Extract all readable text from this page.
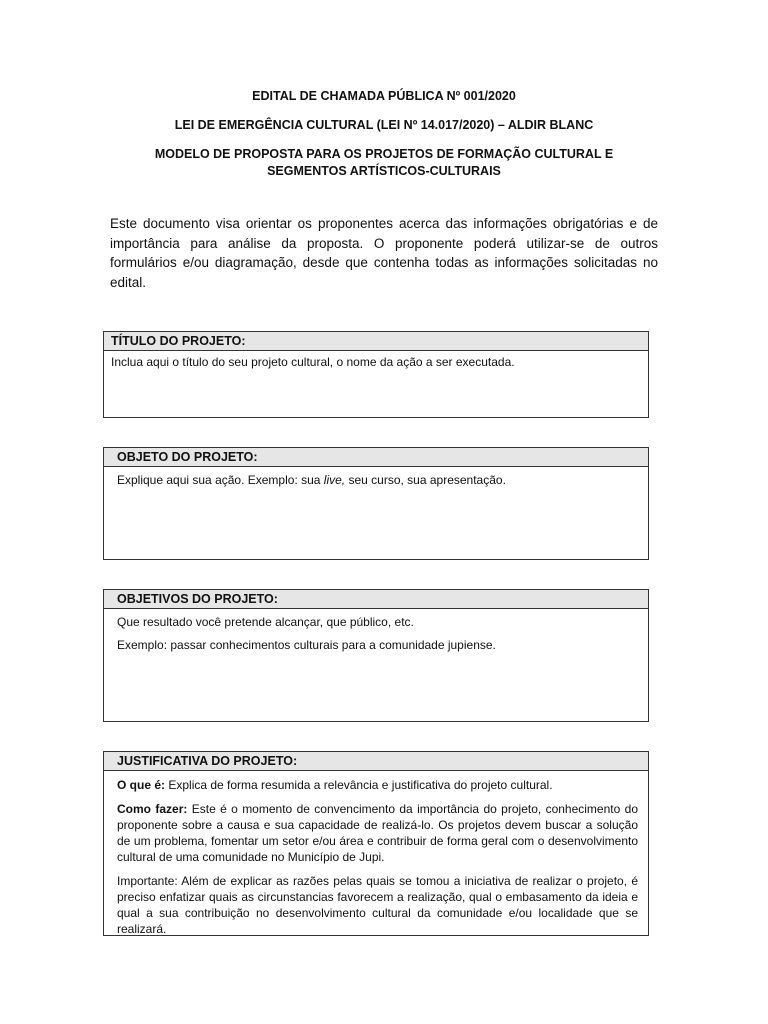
EDITAL DE CHAMADA PÚBLICA Nº 001/2020
LEI DE EMERGÊNCIA CULTURAL (LEI Nº 14.017/2020) – ALDIR BLANC
MODELO DE PROPOSTA PARA OS PROJETOS DE FORMAÇÃO CULTURAL E
SEGMENTOS ARTÍSTICOS-CULTURAIS
Este documento visa orientar os proponentes acerca das informações obrigatórias e de importância para análise da proposta. O proponente poderá utilizar-se de outros formulários e/ou diagramação, desde que contenha todas as informações solicitadas no edital.
TÍTULO DO PROJETO:
Inclua aqui o título do seu projeto cultural, o nome da ação a ser executada.
OBJETO DO PROJETO:
Explique aqui sua ação. Exemplo: sua live, seu curso, sua apresentação.
OBJETIVOS DO PROJETO:

Que resultado você pretende alcançar, que público, etc.

Exemplo: passar conhecimentos culturais para a comunidade jupiense.

JUSTIFICATIVA DO PROJETO:

O que é: Explica de forma resumida a relevância e justificativa do projeto cultural.

Como fazer: Este é o momento de convencimento da importância do projeto, conhecimento do proponente sobre a causa e sua capacidade de realizá-lo. Os projetos devem buscar a solução de um problema, fomentar um setor e/ou área e contribuir de forma geral com o desenvolvimento cultural de uma comunidade no Município de Jupi.

Importante: Além de explicar as razões pelas quais se tomou a iniciativa de realizar o projeto, é preciso enfatizar quais as circunstancias favorecem a realização, qual o embasamento da ideia e qual a sua contribuição no desenvolvimento cultural da comunidade e/ou localidade que se realizará.
